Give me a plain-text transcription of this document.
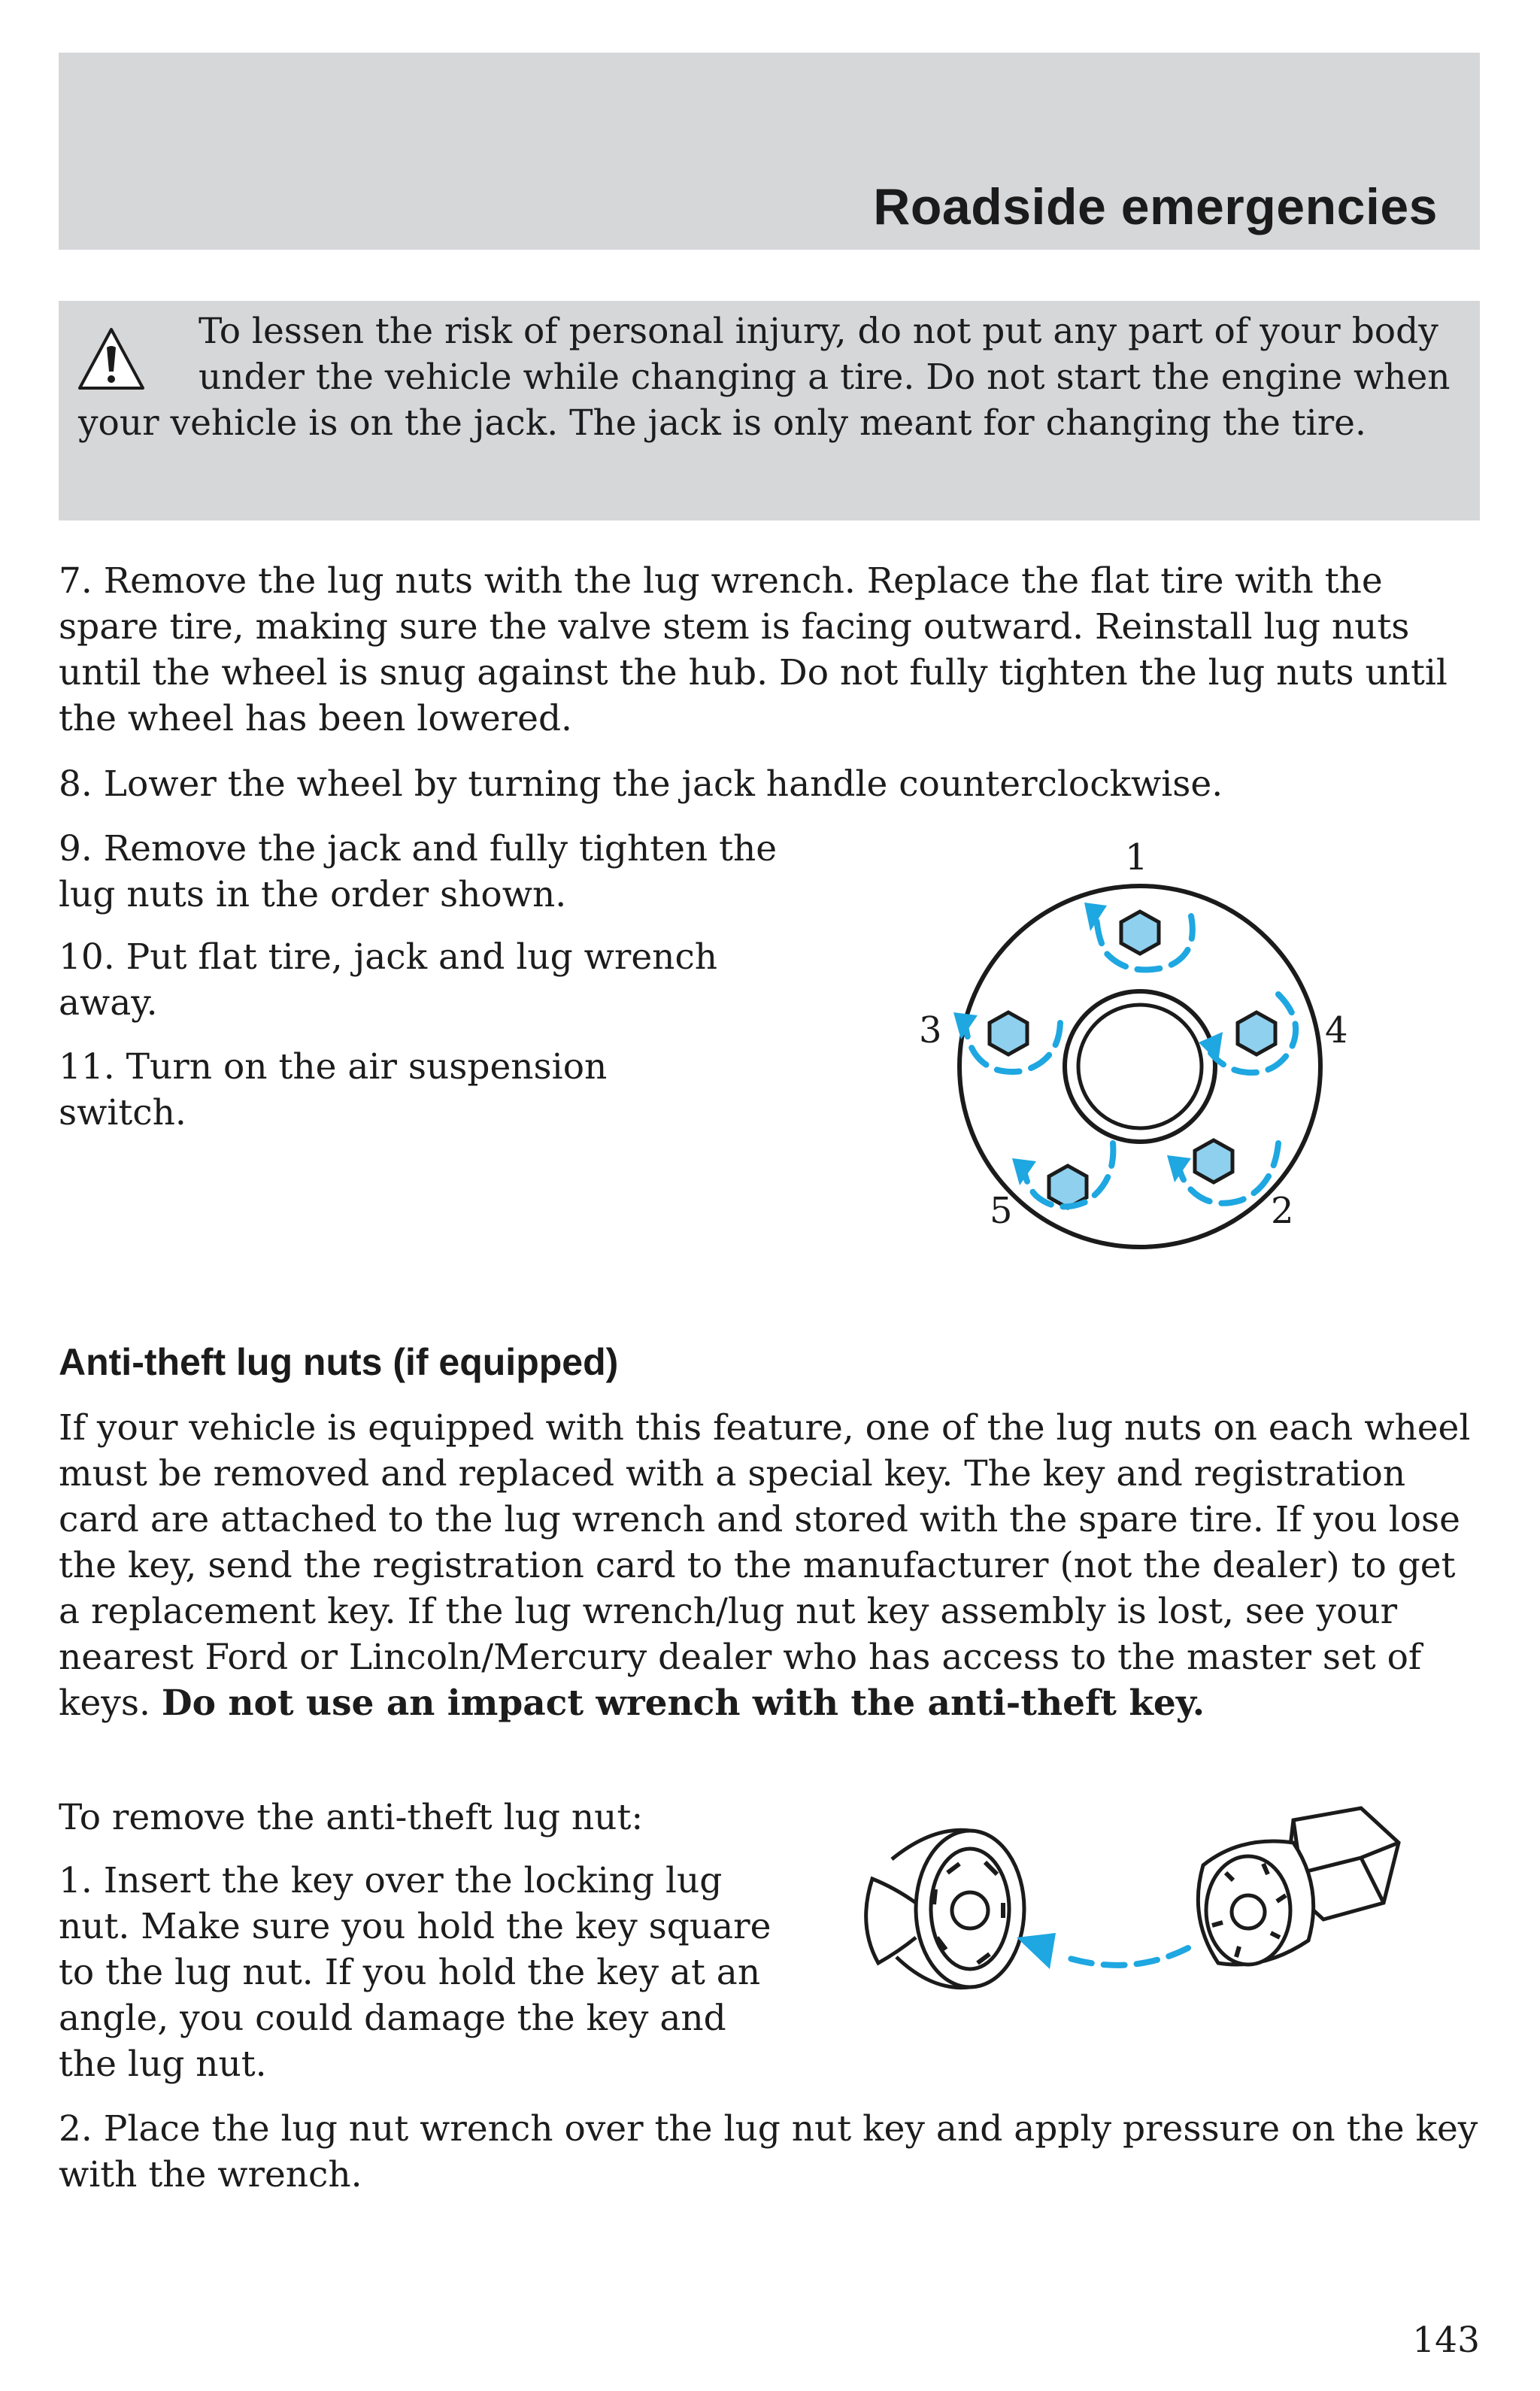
Roadside emergencies

To lessen the risk of personal injury, do not put any part of your body under the vehicle while changing a tire. Do not start the engine when your vehicle is on the jack. The jack is only meant for changing the tire.

7. Remove the lug nuts with the lug wrench. Replace the flat tire with the spare tire, making sure the valve stem is facing outward. Reinstall lug nuts until the wheel is snug against the hub. Do not fully tighten the lug nuts until the wheel has been lowered.

8. Lower the wheel by turning the jack handle counterclockwise.

9. Remove the jack and fully tighten the lug nuts in the order shown.

10. Put flat tire, jack and lug wrench away.

11. Turn on the air suspension switch.

1
3	4
5	2
Anti-theft lug nuts (if equipped)

If your vehicle is equipped with this feature, one of the lug nuts on each wheel must be removed and replaced with a special key. The key and registration card are attached to the lug wrench and stored with the spare tire. If you lose the key, send the registration card to the manufacturer (not the dealer) to get a replacement key. If the lug wrench/lug nut key assembly is lost, see your nearest Ford or Lincoln/Mercury dealer who has access to the master set of keys. Do not use an impact wrench with the anti-theft key.

To remove the anti-theft lug nut:

1. Insert the key over the locking lug nut. Make sure you hold the key square to the lug nut. If you hold the key at an angle, you could damage the key and the lug nut.

2. Place the lug nut wrench over the lug nut key and apply pressure on the key with the wrench.

143
